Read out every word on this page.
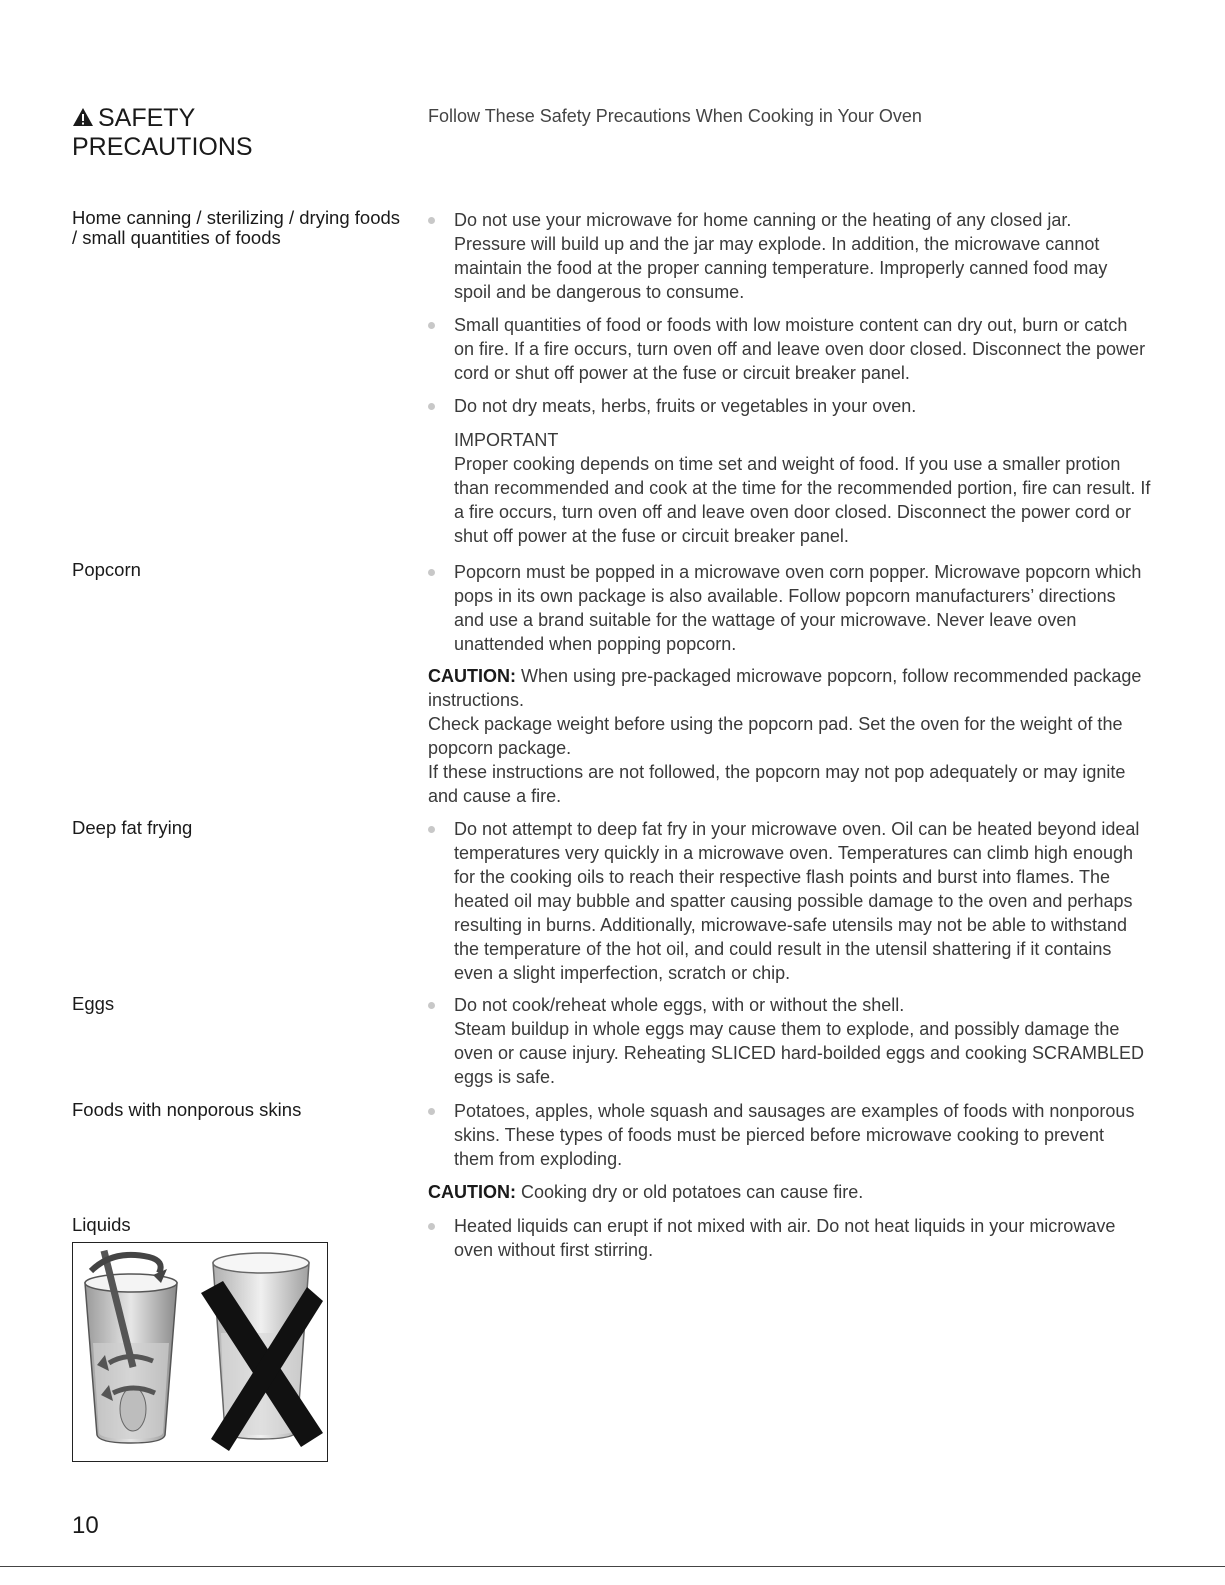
SAFETY
PRECAUTIONS
Follow These Safety Precautions When Cooking in Your Oven
Home canning / sterilizing / drying foods / small quantities of foods
Popcorn
Deep fat frying
Eggs
Foods with nonporous skins
Liquids
Do not use your microwave for home canning or the heating of any closed jar. Pressure will build up and the jar may explode. In addition, the microwave cannot maintain the food at the proper canning temperature. Improperly canned food may spoil and be dangerous to consume.
Small quantities of food or foods with low moisture content can dry out, burn or catch on fire. If a fire occurs, turn oven off and leave oven door closed. Disconnect the power cord or shut off power at the fuse or circuit breaker panel.
Do not dry meats, herbs, fruits or vegetables in your oven.
IMPORTANT
Proper cooking depends on time set and weight of food. If you use a smaller protion than recommended and cook at the time for the recommended portion, fire can result. If a fire occurs, turn oven off and leave oven door closed. Disconnect the power cord or shut off power at the fuse or circuit breaker panel.
Popcorn must be popped in a microwave oven corn popper. Microwave popcorn which pops in its own package is also available. Follow popcorn manufacturers’ directions and use a brand suitable for the wattage of your microwave. Never leave oven unattended when popping popcorn.
CAUTION: When using pre-packaged microwave popcorn, follow recommended package instructions.
Check package weight before using the popcorn pad. Set the oven for the weight of the popcorn package.
If these instructions are not followed, the popcorn may not pop adequately or may ignite and cause a fire.
Do not attempt to deep fat fry in your microwave oven. Oil can be heated beyond ideal temperatures very quickly in a microwave oven. Temperatures can climb high enough for the cooking oils to reach their respective flash points and burst into flames. The heated oil may bubble and spatter causing possible damage to the oven and perhaps resulting in burns. Additionally, microwave-safe utensils may not be able to withstand the temperature of the hot oil, and could result in the utensil shattering if it contains even a slight imperfection, scratch or chip.
Do not cook/reheat whole eggs, with or without the shell.
Steam buildup in whole eggs may cause them to explode, and possibly damage the oven or cause injury. Reheating SLICED hard-boilded eggs and cooking SCRAMBLED eggs is safe.
Potatoes, apples, whole squash and sausages are examples of foods with nonporous skins. These types of foods must be pierced before microwave cooking to prevent them from exploding.
CAUTION: Cooking dry or old potatoes can cause fire.
Heated liquids can erupt if not mixed with air. Do not heat liquids in your microwave oven without first stirring.
10
